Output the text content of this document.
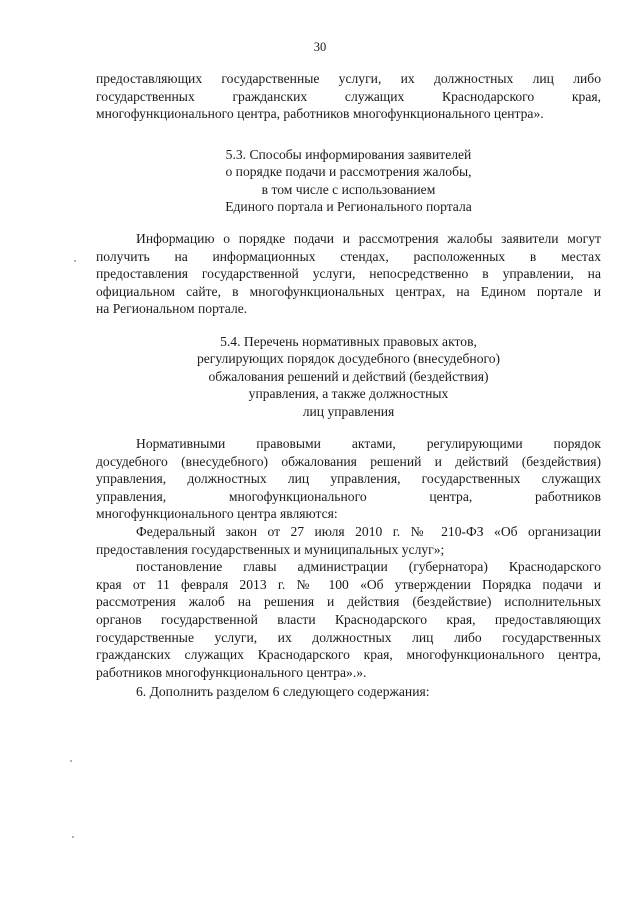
30
предоставляющих государственные услуги, их должностных лиц либо
государственных гражданских служащих Краснодарского края,
многофункционального центра, работников многофункционального центра».
5.3. Способы информирования заявителей
о порядке подачи и рассмотрения жалобы,
в том числе с использованием
Единого портала и Регионального портала
Информацию о порядке подачи и рассмотрения жалобы заявители могут
получить на информационных стендах, расположенных в местах
предоставления государственной услуги, непосредственно в управлении, на
официальном сайте, в многофункциональных центрах, на Едином портале и
на Региональном портале.
5.4. Перечень нормативных правовых актов,
регулирующих порядок досудебного (внесудебного)
обжалования решений и действий (бездействия)
управления, а также должностных
лиц управления
Нормативными правовыми актами, регулирующими порядок
досудебного (внесудебного) обжалования решений и действий (бездействия)
управления, должностных лиц управления, государственных служащих
управления, многофункционального центра, работников
многофункционального центра являются:
Федеральный закон от 27 июля 2010 г. № 210-ФЗ «Об организации
предоставления государственных и муниципальных услуг»;
постановление главы администрации (губернатора) Краснодарского
края от 11 февраля 2013 г. № 100 «Об утверждении Порядка подачи и
рассмотрения жалоб на решения и действия (бездействие) исполнительных
органов государственной власти Краснодарского края, предоставляющих
государственные услуги, их должностных лиц либо государственных
гражданских служащих Краснодарского края, многофункционального центра,
работников многофункционального центра».».
6. Дополнить разделом 6 следующего содержания:
